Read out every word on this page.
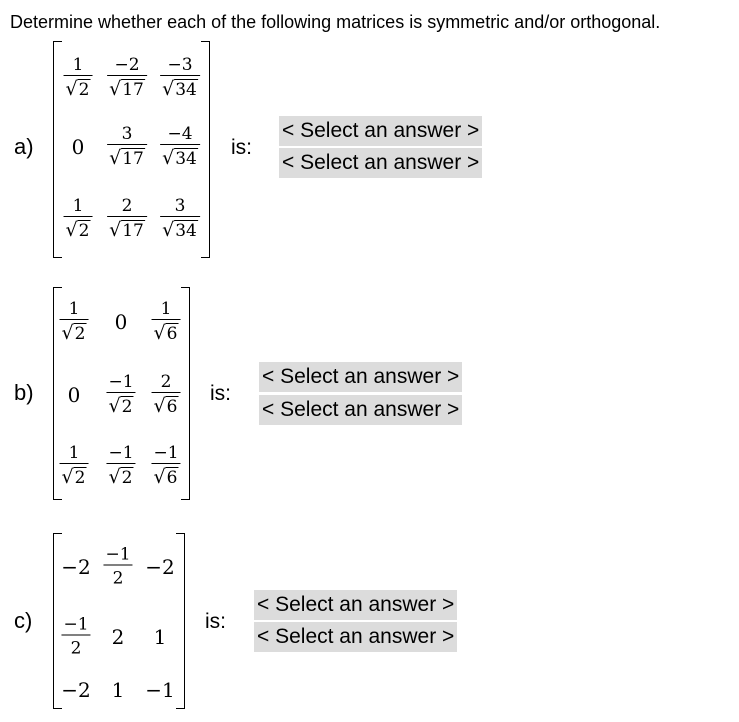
Determine whether each of the following matrices is symmetric and/or orthogonal.
a)	is:
< Select an answer >
< Select an answer >
b)	is:
< Select an answer >
< Select an answer >
c)	is:
< Select an answer >
< Select an answer >
$\frac{1}{√2} \frac{-2}{√17} \frac{-3}{√34}$
$0 \frac{3}{√17} \frac{-4}{√34}$
$\frac{1}{√2} \frac{2}{√17} \frac{3}{√34}$
$\frac{1}{√2} 0 \frac{1}{√6}$
$0 \frac{-1}{√2} \frac{2}{√6}$
$\frac{1}{√2} \frac{-1}{√2} \frac{-1}{√6}$
$-2 \frac{-1}{2} -2$
$\frac{-1}{2} 2$ 1
−2 1 −1
